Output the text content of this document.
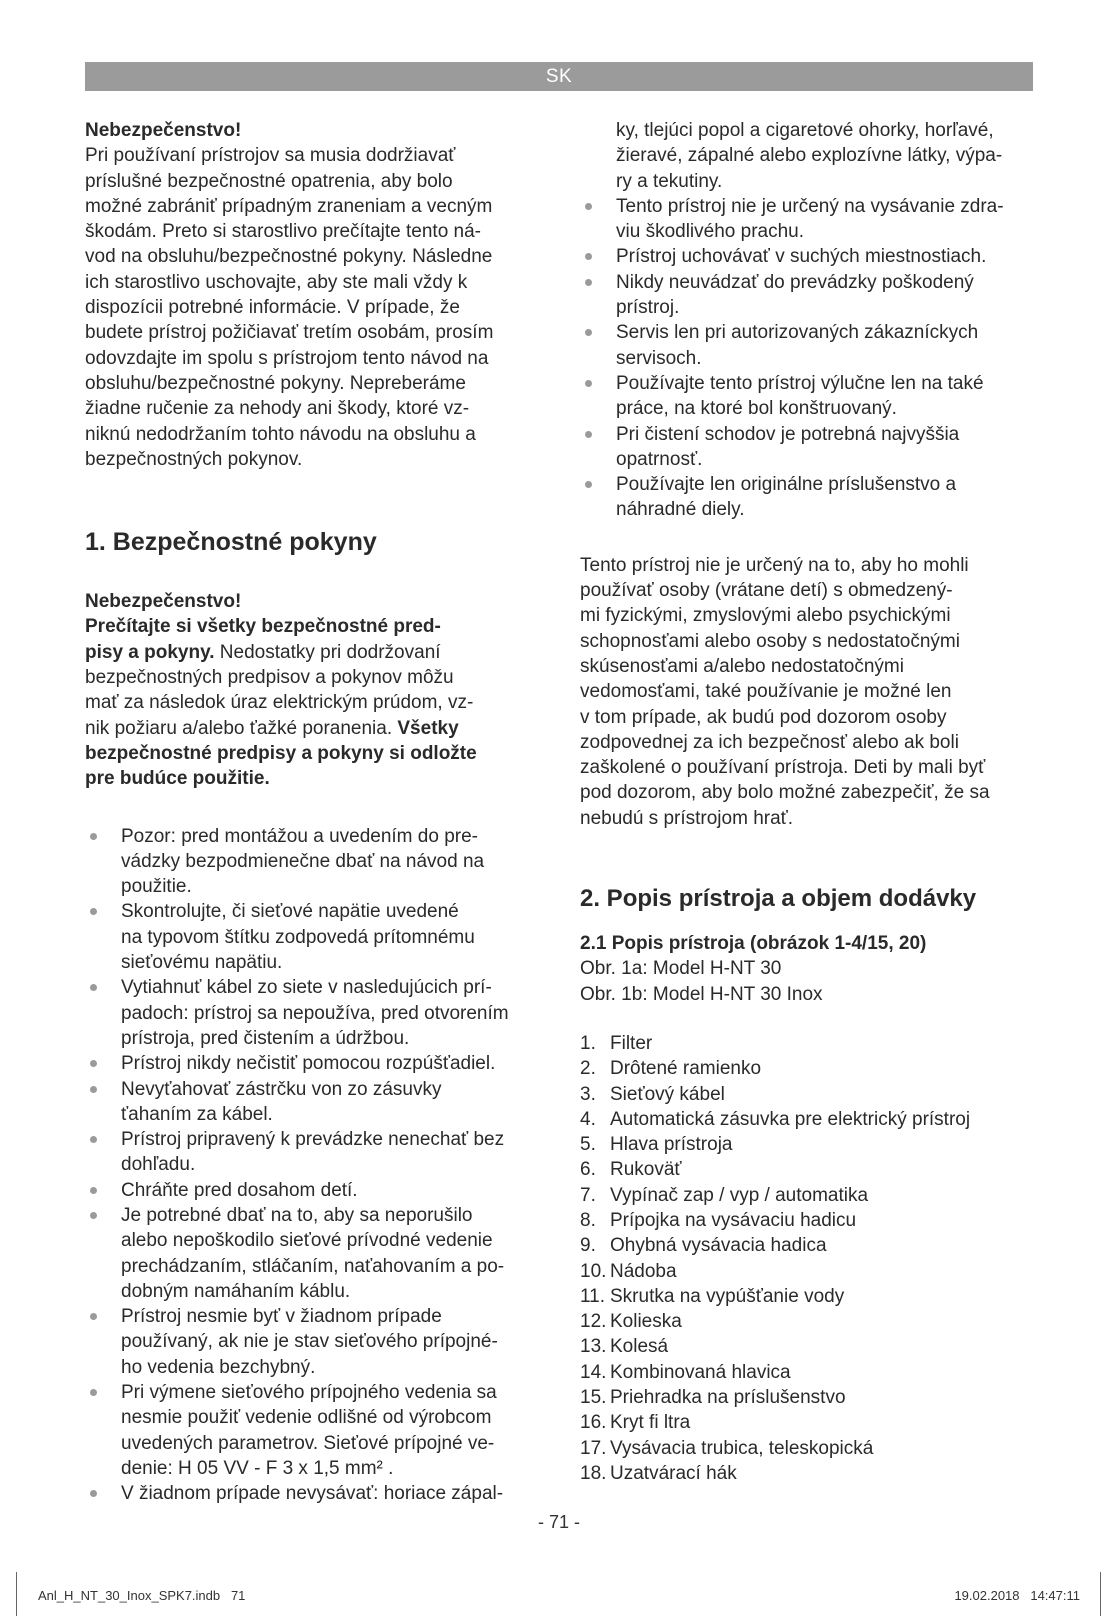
SK

Nebezpečenstvo!

Pri používaní prístrojov sa musia dodržiavať

príslušné bezpečnostné opatrenia, aby bolo

možné zabrániť prípadným zraneniam a vecným

škodám. Preto si starostlivo prečítajte tento ná-

vod na obsluhu/bezpečnostné pokyny. Následne

ich starostlivo uschovajte, aby ste mali vždy k

dispozícii potrebné informácie. V prípade, že

budete prístroj požičiavať tretím osobám, prosím

odovzdajte im spolu s prístrojom tento návod na

obsluhu/bezpečnostné pokyny. Nepreberáme

žiadne ručenie za nehody ani škody, ktoré vz-

niknú nedodržaním tohto návodu na obsluhu a

bezpečnostných pokynov.

1. Bezpečnostné pokyny

Nebezpečenstvo!

Prečítajte si všetky bezpečnostné pred-

pisy a pokyny. Nedostatky pri dodržovaní

bezpečnostných predpisov a pokynov môžu

mať za následok úraz elektrickým prúdom, vz-

nik požiaru a/alebo ťažké poranenia. Všetky

bezpečnostné predpisy a pokyny si odložte

pre budúce použitie.

Pozor: pred montážou a uvedením do pre-
vádzky bezpodmienečne dbať na návod na
použitie.
Skontrolujte, či sieťové napätie uvedené
na typovom štítku zodpovedá prítomnému
sieťovému napätiu.
Vytiahnuť kábel zo siete v nasledujúcich prí-
padoch: prístroj sa nepoužíva, pred otvorením
prístroja, pred čistením a údržbou.
Prístroj nikdy nečistiť pomocou rozpúšťadiel.
Nevyťahovať zástrčku von zo zásuvky
ťahaním za kábel.
Prístroj pripravený k prevádzke nenechať bez
dohľadu.
Chráňte pred dosahom detí.
Je potrebné dbať na to, aby sa neporušilo
alebo nepoškodilo sieťové prívodné vedenie
prechádzaním, stláčaním, naťahovaním a po-
dobným namáhaním káblu.
Prístroj nesmie byť v žiadnom prípade
používaný, ak nie je stav sieťového prípojné-
ho vedenia bezchybný.
Pri výmene sieťového prípojného vedenia sa
nesmie použiť vedenie odlišné od výrobcom
uvedených parametrov. Sieťové prípojné ve-
denie: H 05 VV - F 3 x 1,5 mm² .
V žiadnom prípade nevysávať: horiace zápal-

ky, tlejúci popol a cigaretové ohorky, horľavé,

žieravé, zápalné alebo explozívne látky, výpa-

ry a tekutiny.

Tento prístroj nie je určený na vysávanie zdra-
viu škodlivého prachu.
Prístroj uchovávať v suchých miestnostiach.
Nikdy neuvádzať do prevádzky poškodený
prístroj.
Servis len pri autorizovaných zákazníckych
servisoch.
Používajte tento prístroj výlučne len na také
práce, na ktoré bol konštruovaný.
Pri čistení schodov je potrebná najvyššia
opatrnosť.
Používajte len originálne príslušenstvo a
náhradné diely.

Tento prístroj nie je určený na to, aby ho mohli

používať osoby (vrátane detí) s obmedzený-

mi fyzickými, zmyslovými alebo psychickými

schopnosťami alebo osoby s nedostatočnými

skúsenosťami a/alebo nedostatočnými

vedomosťami, také používanie je možné len

v tom prípade, ak budú pod dozorom osoby

zodpovednej za ich bezpečnosť alebo ak boli

zaškolené o používaní prístroja. Deti by mali byť

pod dozorom, aby bolo možné zabezpečiť, že sa

nebudú s prístrojom hrať.

2. Popis prístroja a objem dodávky

2.1 Popis prístroja (obrázok 1-4/15, 20)

Obr. 1a: Model H-NT 30

Obr. 1b: Model H-NT 30 Inox

1. Filter
2. Drôtené ramienko
3. Sieťový kábel
4. Automatická zásuvka pre elektrický prístroj
5. Hlava prístroja
6. Rukoväť
7. Vypínač zap / vyp / automatika
8. Prípojka na vysávaciu hadicu
9. Ohybná vysávacia hadica
10. Nádoba
11. Skrutka na vypúšťanie vody
12. Kolieska
13. Kolesá
14. Kombinovaná hlavica
15. Priehradka na príslušenstvo
16. Kryt fi ltra
17. Vysávacia trubica, teleskopická
18. Uzatvárací hák
- 71 -
Anl_H_NT_30_Inox_SPK7.indb   71	19.02.2018   14:47:11
